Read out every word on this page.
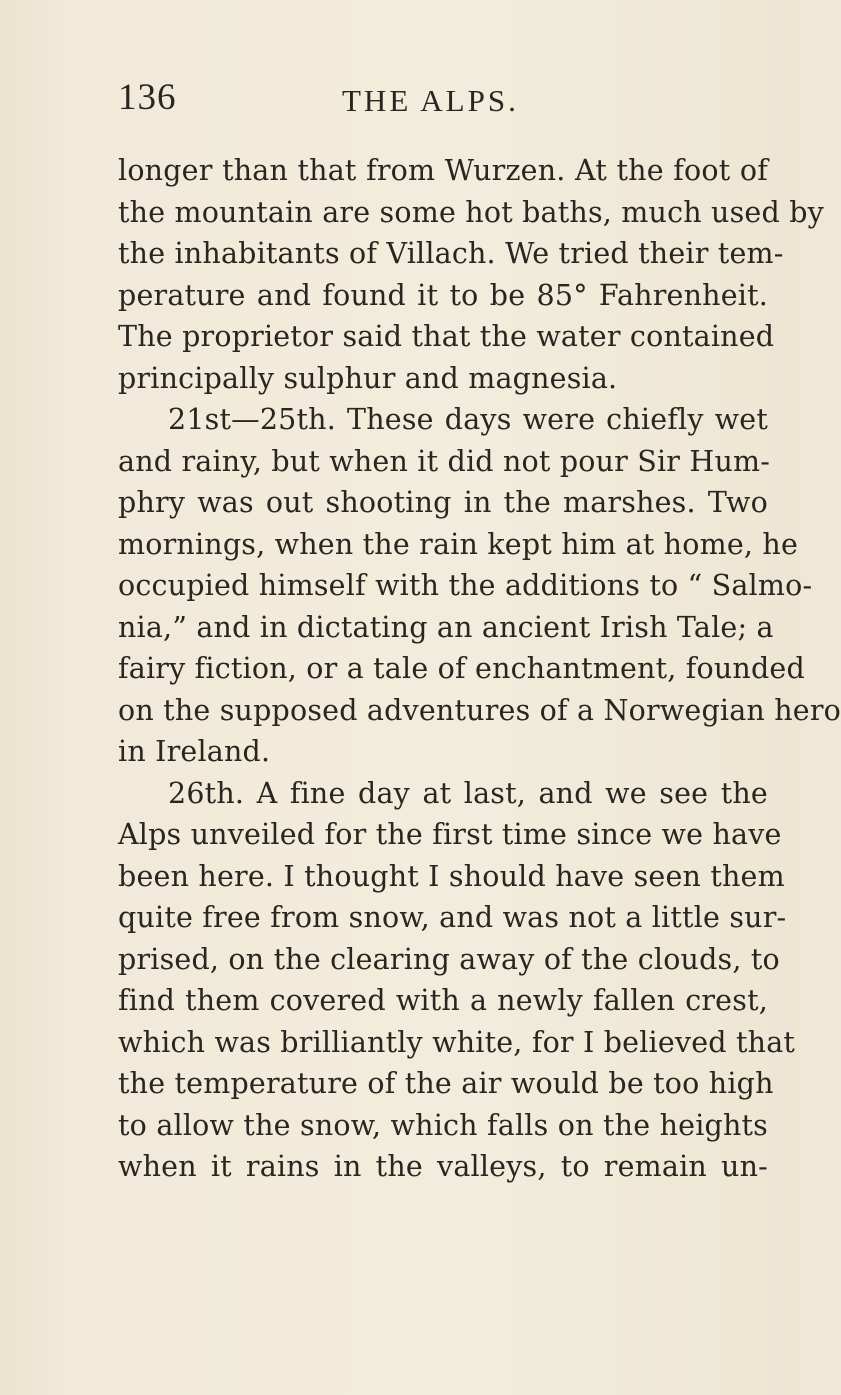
136	THE ALPS.
longer than that from Wurzen. At the foot of
the mountain are some hot baths, much used by
the inhabitants of Villach. We tried their tem-
perature and found it to be 85° Fahrenheit.
The proprietor said that the water contained
principally sulphur and magnesia.
21st—25th. These days were chiefly wet
and rainy, but when it did not pour Sir Hum-
phry was out shooting in the marshes. Two
mornings, when the rain kept him at home, he
occupied himself with the additions to “ Salmo-
nia,” and in dictating an ancient Irish Tale; a
fairy fiction, or a tale of enchantment, founded
on the supposed adventures of a Norwegian hero
in Ireland.
26th. A fine day at last, and we see the
Alps unveiled for the first time since we have
been here. I thought I should have seen them
quite free from snow, and was not a little sur-
prised, on the clearing away of the clouds, to
find them covered with a newly fallen crest,
which was brilliantly white, for I believed that
the temperature of the air would be too high
to allow the snow, which falls on the heights
when it rains in the valleys, to remain un-
